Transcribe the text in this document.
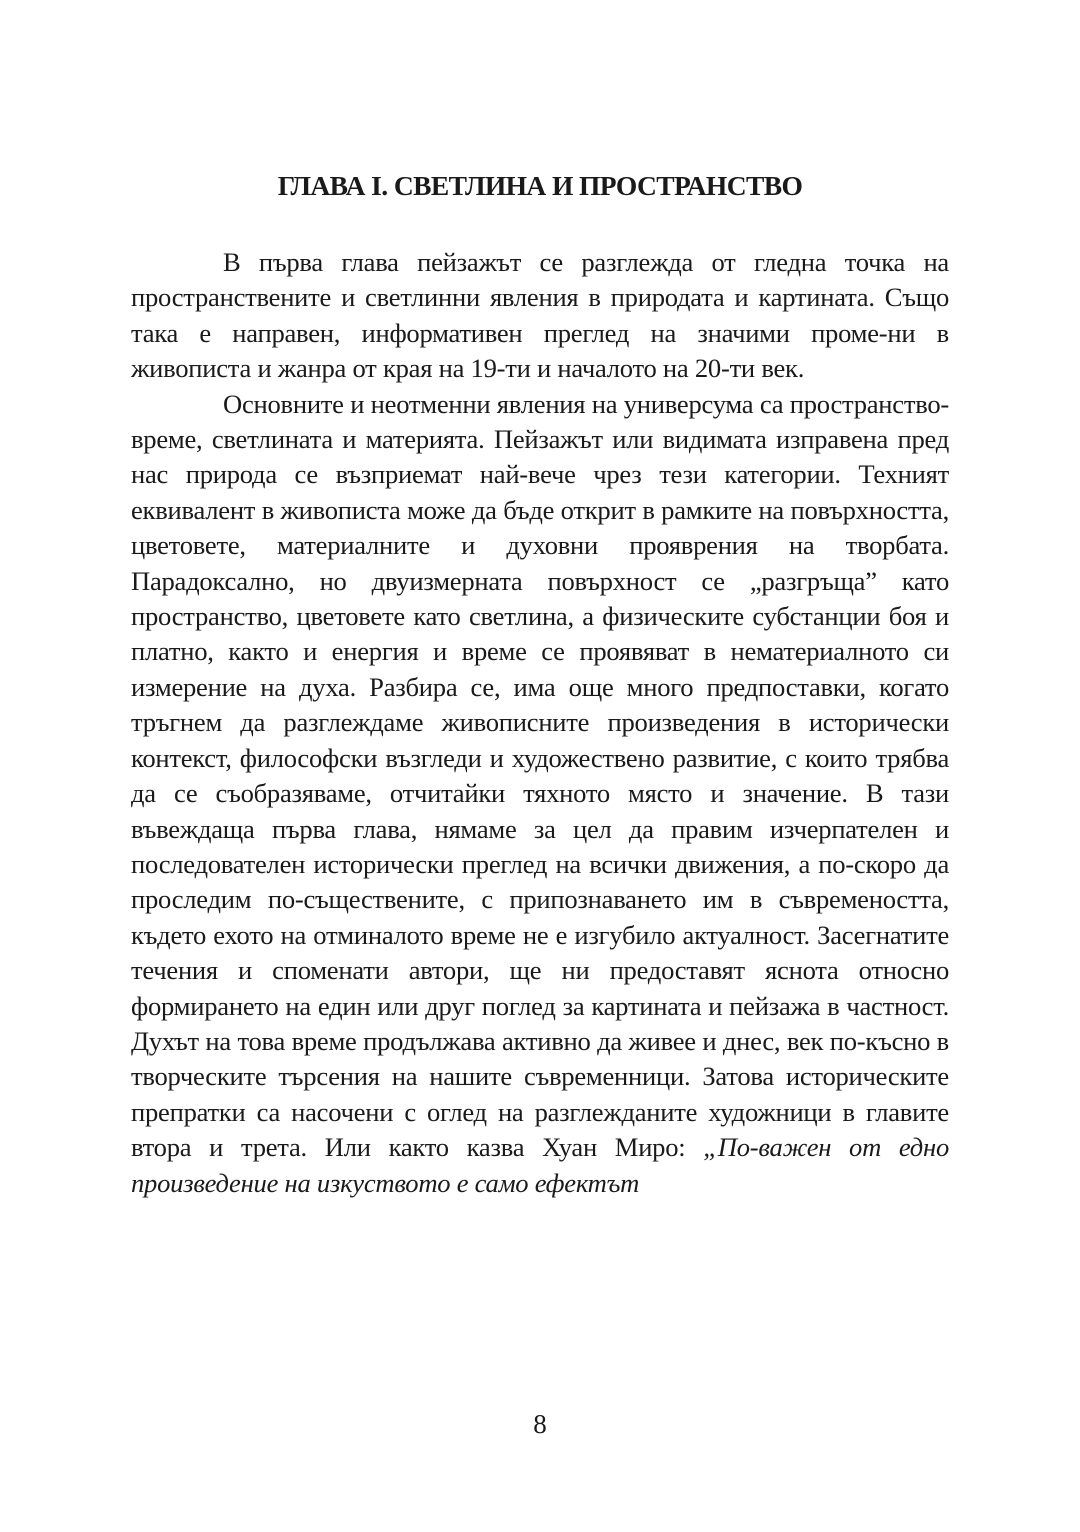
ГЛАВА I. СВЕТЛИНА И ПРОСТРАНСТВО

В първа глава пейзажът се разглежда от гледна точка на пространствените и светлинни явления в природата и картината. Също така е направен, информативен преглед на значими проме-ни в живописта и жанра от края на 19-ти и началото на 20-ти век.

Основните и неотменни явления на универсума са пространство-време, светлината и материята. Пейзажът или видимата изправена пред нас природа се възприемат най-вече чрез тези категории. Техният еквивалент в живописта може да бъде открит в рамките на повърхността, цветовете, материалните и духовни прояврения на творбата. Парадоксално, но двуизмерната повърхност се „разгръща” като пространство, цветовете като светлина, а физическите субстанции боя и платно, както и енергия и време се проявяват в нематериалното си измерение на духа. Разбира се, има още много предпоставки, когато тръгнем да разглеждаме живописните произведения в исторически контекст, философски възгледи и художествено развитие, с които трябва да се съобразяваме, отчитайки тяхното място и значение. В тази въвеждаща първа глава, нямаме за цел да правим изчерпателен и последователен исторически преглед на всички движения, а по-скоро да проследим по-съществените, с припознаването им в съвремеността, където ехото на отминалото време не е изгубило актуалност. Засегнатите течения и споменати автори, ще ни предоставят яснота относно формирането на един или друг поглед за картината и пейзажа в частност. Духът на това време продължава активно да живее и днес, век по-късно в творческите търсения на нашите съвременници. Затова историческите препратки са насочени с оглед на разглежданите художници в главите втора и трета. Или както казва Хуан Миро: „По-важен от едно произведение на изкуството е само ефектът

8
